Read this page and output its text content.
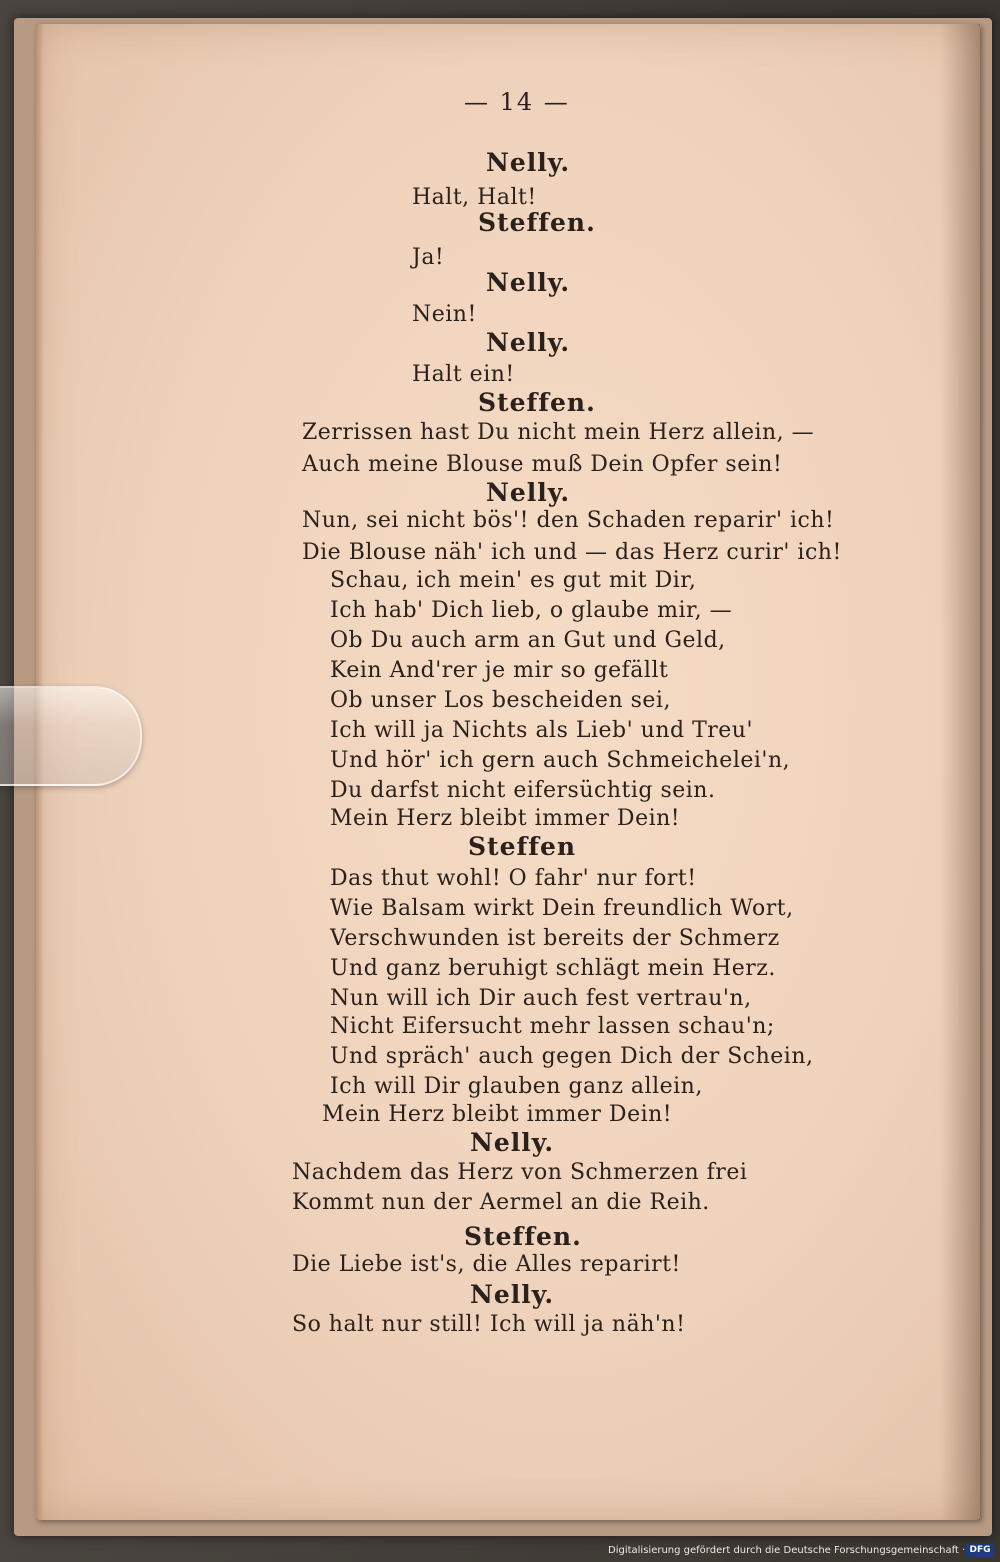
— 14 —
Nelly.
Halt, Halt!
Steffen.
Ja!
Nelly.
Nein!
Nelly.
Halt ein!
Steffen.
Zerrissen hast Du nicht mein Herz allein, —
Auch meine Blouse muß Dein Opfer sein!
Nelly.
Nun, sei nicht bös'! den Schaden reparir' ich!
Die Blouse näh' ich und — das Herz curir' ich!
Schau, ich mein' es gut mit Dir,
Ich hab' Dich lieb, o glaube mir, —
Ob Du auch arm an Gut und Geld,
Kein And'rer je mir so gefällt
Ob unser Los bescheiden sei,
Ich will ja Nichts als Lieb' und Treu'
Und hör' ich gern auch Schmeichelei'n,
Du darfst nicht eifersüchtig sein.
Mein Herz bleibt immer Dein!
Steffen
Das thut wohl! O fahr' nur fort!
Wie Balsam wirkt Dein freundlich Wort,
Verschwunden ist bereits der Schmerz
Und ganz beruhigt schlägt mein Herz.
Nun will ich Dir auch fest vertrau'n,
Nicht Eifersucht mehr lassen schau'n;
Und spräch' auch gegen Dich der Schein,
Ich will Dir glauben ganz allein,
Mein Herz bleibt immer Dein!
Nelly.
Nachdem das Herz von Schmerzen frei
Kommt nun der Aermel an die Reih.
Steffen.
Die Liebe ist's, die Alles reparirt!
Nelly.
So halt nur still! Ich will ja näh'n!
Digitalisierung gefördert durch die Deutsche Forschungsgemeinschaft · DFG
